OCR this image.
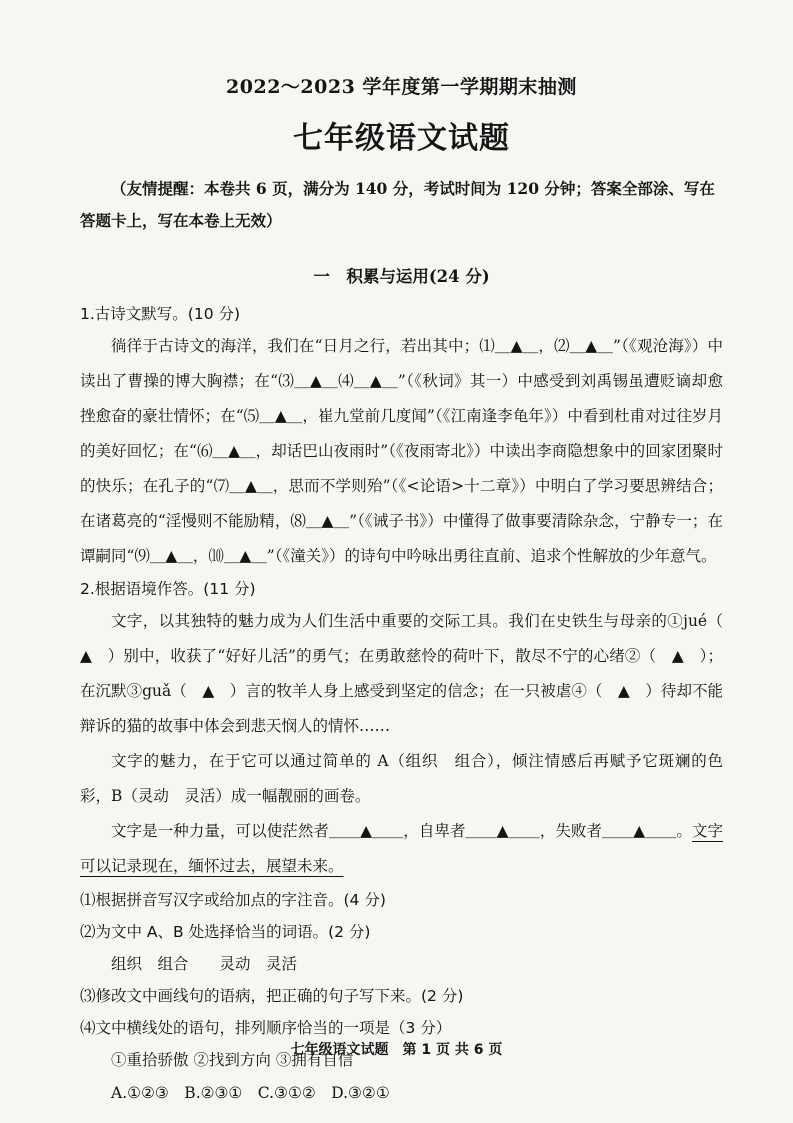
2022～2023 学年度第一学期期末抽测
七年级语文试题

（友情提醒：本卷共 6 页，满分为 140 分，考试时间为 120 分钟；答案全部涂、写在答题卡上，写在本卷上无效）

一　积累与运用(24 分)

1.古诗文默写。(10 分)

徜徉于古诗文的海洋，我们在“日月之行，若出其中；⑴＿▲＿，⑵＿▲＿”（《观沧海》）中读出了曹操的博大胸襟；在“⑶＿▲＿⑷＿▲＿”（《秋词》其一）中感受到刘禹锡虽遭贬谪却愈挫愈奋的豪壮情怀；在“⑸＿▲＿，崔九堂前几度闻”（《江南逢李龟年》）中看到杜甫对过往岁月的美好回忆；在“⑹＿▲＿，却话巴山夜雨时”（《夜雨寄北》）中读出李商隐想象中的回家团聚时的快乐；在孔子的“⑺＿▲＿，思而不学则殆”（《<论语>十二章》）中明白了学习要思辨结合；在诸葛亮的“淫慢则不能励精，⑻＿▲＿”（《诫子书》）中懂得了做事要清除杂念，宁静专一；在谭嗣同“⑼＿▲＿，⑽＿▲＿”（《潼关》）的诗句中吟咏出勇往直前、追求个性解放的少年意气。

2.根据语境作答。(11 分)

文字，以其独特的魅力成为人们生活中重要的交际工具。我们在史铁生与母亲的①jué（　▲　）别中，收获了“好好儿活”的勇气；在勇敢慈怜的荷叶下，散尽不宁的心绪②（　▲　）；在沉默③guǎ（　▲　）言的牧羊人身上感受到坚定的信念；在一只被虐④（　▲　）待却不能辩诉的猫的故事中体会到悲天悯人的情怀……

文字的魅力，在于它可以通过简单的 A（组织　组合），倾注情感后再赋予它斑斓的色彩，B（灵动　灵活）成一幅靓丽的画卷。

文字是一种力量，可以使茫然者＿＿▲＿＿，自卑者＿＿▲＿＿，失败者＿＿▲＿＿。文字可以记录现在，缅怀过去，展望未来。

⑴根据拼音写汉字或给加点的字注音。(4 分)

⑵为文中 A、B 处选择恰当的词语。(2 分)

组织　组合　　灵动　灵活

⑶修改文中画线句的语病，把正确的句子写下来。(2 分)

⑷文中横线处的语句，排列顺序恰当的一项是（3 分）

①重拾骄傲 ②找到方向 ③拥有自信

A.①②③　B.②③①　C.③①②　D.③②①

七年级语文试题　第 1 页 共 6 页
